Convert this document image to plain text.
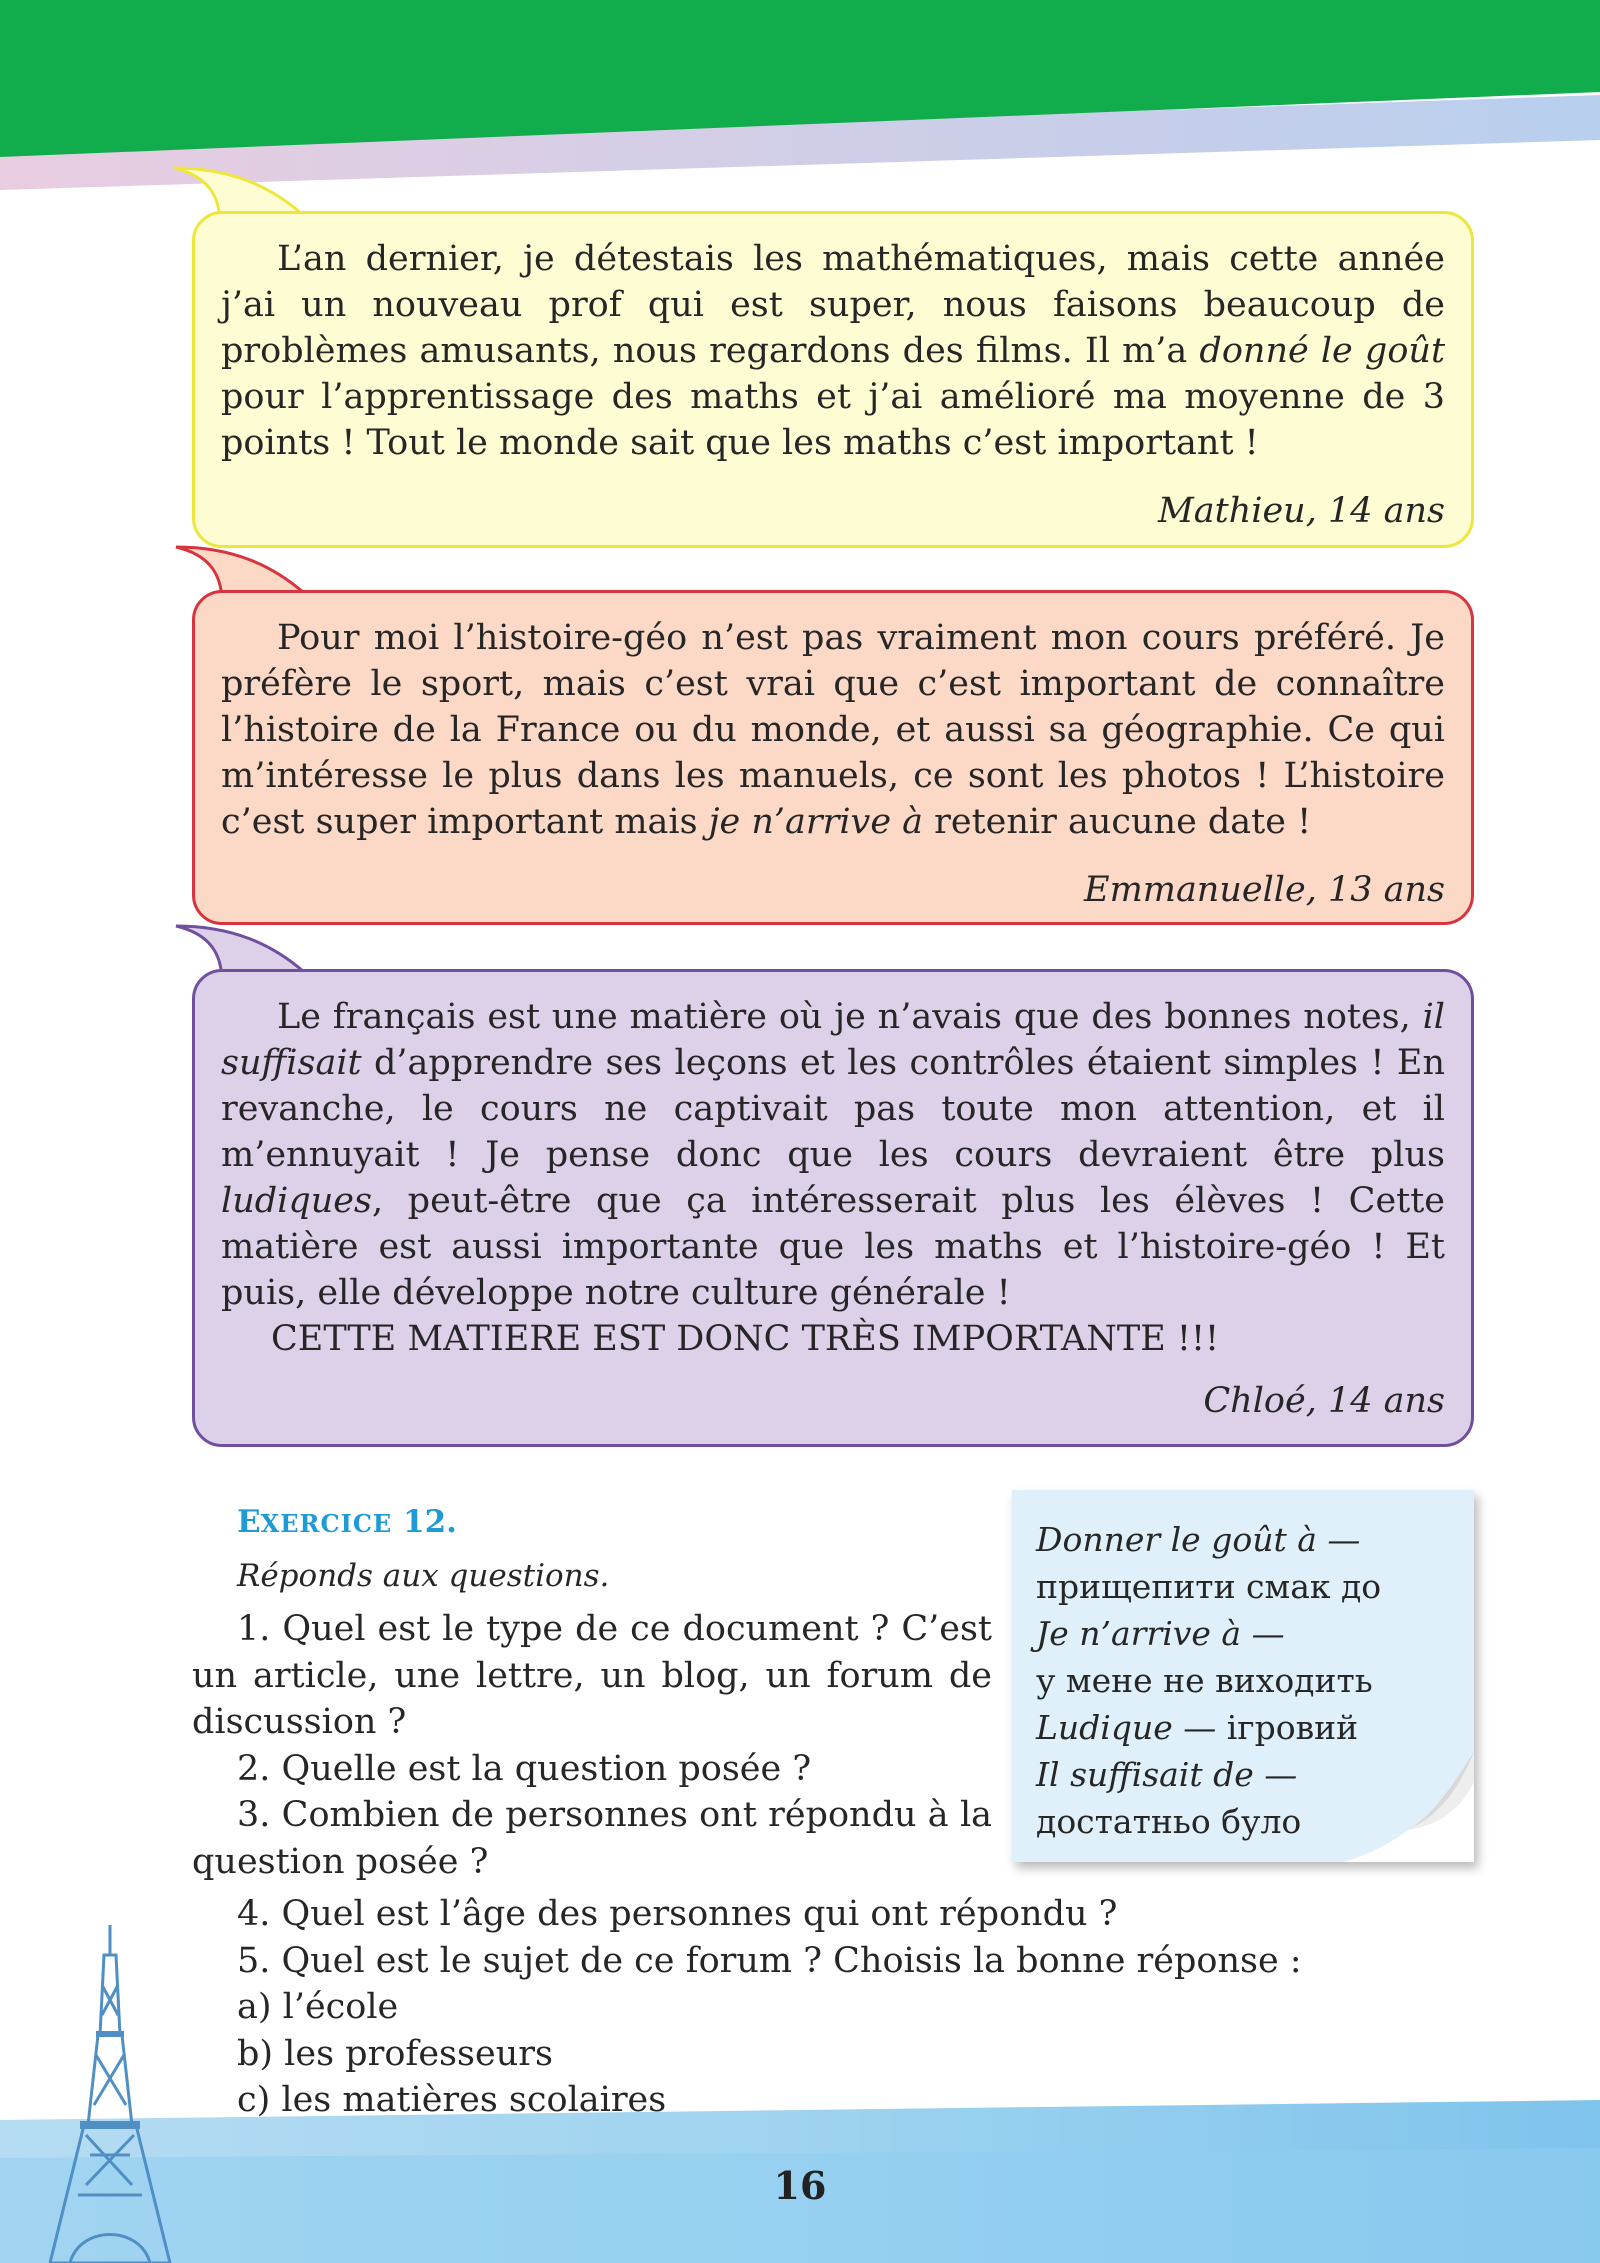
L’an dernier, je détestais les mathématiques, mais cette année j’ai un nouveau prof qui est super, nous faisons beaucoup de problèmes amusants, nous regardons des films. Il m’a donné le goût pour l’apprentissage des maths et j’ai amélioré ma moyenne de 3 points ! Tout le monde sait que les maths c’est important !

Mathieu, 14 ans

Pour moi l’histoire-géo n’est pas vraiment mon cours préféré. Je préfère le sport, mais c’est vrai que c’est important de connaître l’histoire de la France ou du monde, et aussi sa géographie. Ce qui m’intéresse le plus dans les manuels, ce sont les photos ! L’histoire c’est super important mais je n’arrive à retenir aucune date !

Emmanuelle, 13 ans

Le français est une matière où je n’avais que des bonnes notes, il suffisait d’apprendre ses leçons et les contrôles étaient simples ! En revanche, le cours ne captivait pas toute mon attention, et il m’ennuyait ! Je pense donc que les cours devraient être plus ludiques, peut-être que ça intéresserait plus les élèves ! Cette matière est aussi importante que les maths et l’histoire-géo ! Et puis, elle développe notre culture générale !

CETTE MATIERE EST DONC TRÈS IMPORTANTE !!!

Chloé, 14 ans
EXERCICE 12.
Réponds aux questions.

1. Quel est le type de ce document ? C’est un article, une lettre, un blog, un forum de discussion ?

2. Quelle est la question posée ?

3. Combien de personnes ont répondu à la question posée ?

4. Quel est l’âge des personnes qui ont répondu ?

5. Quel est le sujet de ce forum ? Choisis la bonne réponse :

a) l’école

b) les professeurs

c) les matières scolaires

Donner le goût à —

прищепити смак до

Je n’arrive à —

у мене не виходить

Ludique — ігровий

Il suffisait de —

достатньо було

16
